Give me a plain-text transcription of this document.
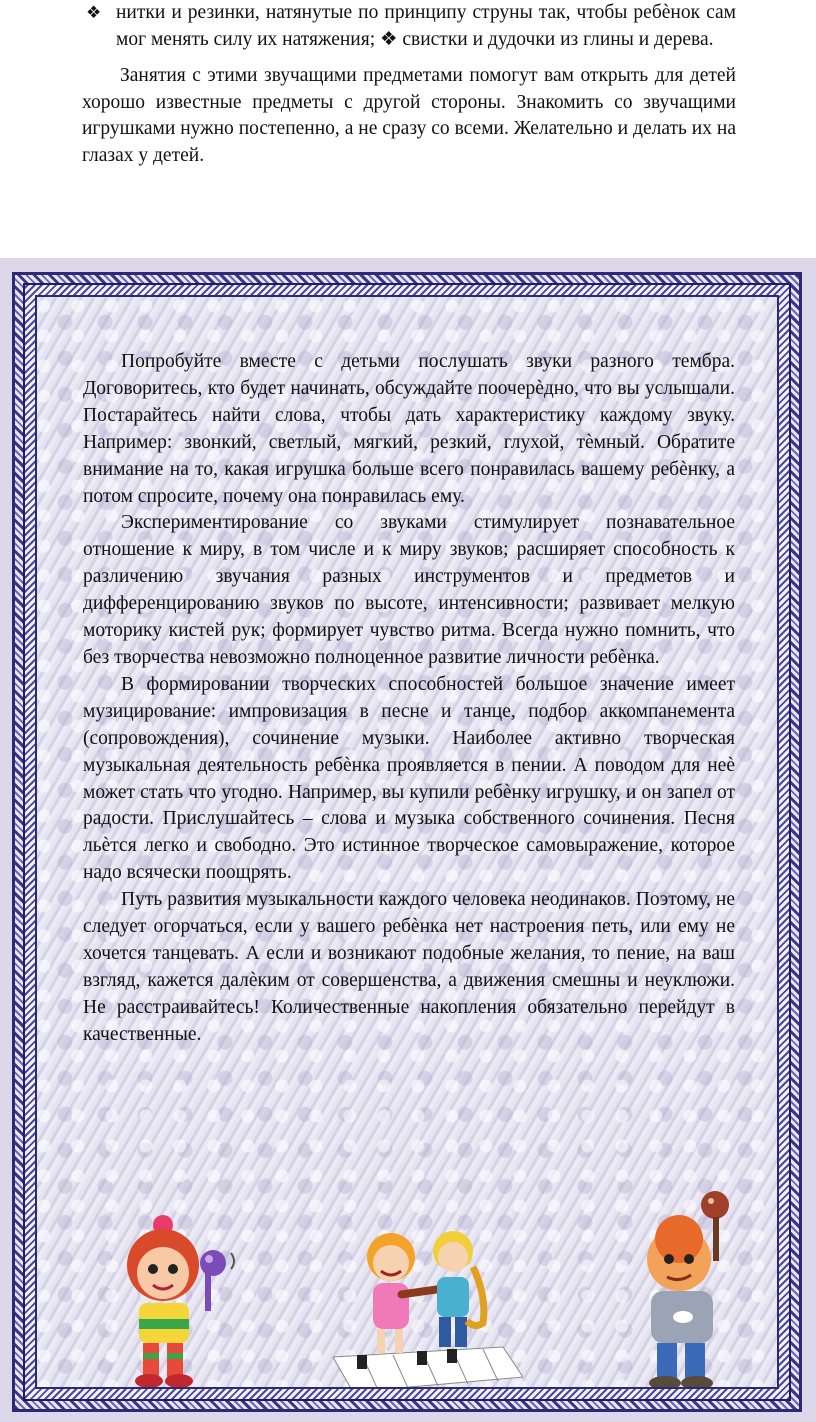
❖ нитки и резинки, натянутые по принципу струны так, чтобы ребѐнок сам мог менять силу их натяжения; ❖ свистки и дудочки из глины и дерева.

Занятия с этими звучащими предметами помогут вам открыть для детей хорошо известные предметы с другой стороны. Знакомить со звучащими игрушками нужно постепенно, а не сразу со всеми. Желательно и делать их на глазах у детей.

Попробуйте вместе с детьми послушать звуки разного тембра. Договоритесь, кто будет начинать, обсуждайте поочерѐдно, что вы услышали. Постарайтесь найти слова, чтобы дать характеристику каждому звуку. Например: звонкий, светлый, мягкий, резкий, глухой, тѐмный. Обратите внимание на то, какая игрушка больше всего понравилась вашему ребѐнку, а потом спросите, почему она понравилась ему.

Экспериментирование со звуками стимулирует познавательное отношение к миру, в том числе и к миру звуков; расширяет способность к различению звучания разных инструментов и предметов и дифференцированию звуков по высоте, интенсивности; развивает мелкую моторику кистей рук; формирует чувство ритма. Всегда нужно помнить, что без творчества невозможно полноценное развитие личности ребѐнка.

В формировании творческих способностей большое значение имеет музицирование: импровизация в песне и танце, подбор аккомпанемента (сопровождения), сочинение музыки. Наиболее активно творческая музыкальная деятельность ребѐнка проявляется в пении. А поводом для неѐ может стать что угодно. Например, вы купили ребѐнку игрушку, и он запел от радости. Прислушайтесь – слова и музыка собственного сочинения. Песня льѐтся легко и свободно. Это истинное творческое самовыражение, которое надо всячески поощрять.

Путь развития музыкальности каждого человека неодинаков. Поэтому, не следует огорчаться, если у вашего ребѐнка нет настроения петь, или ему не хочется танцевать. А если и возникают подобные желания, то пение, на ваш взгляд, кажется далѐким от совершенства, а движения смешны и неуклюжи. Не расстраивайтесь! Количественные накопления обязательно перейдут в качественные.
